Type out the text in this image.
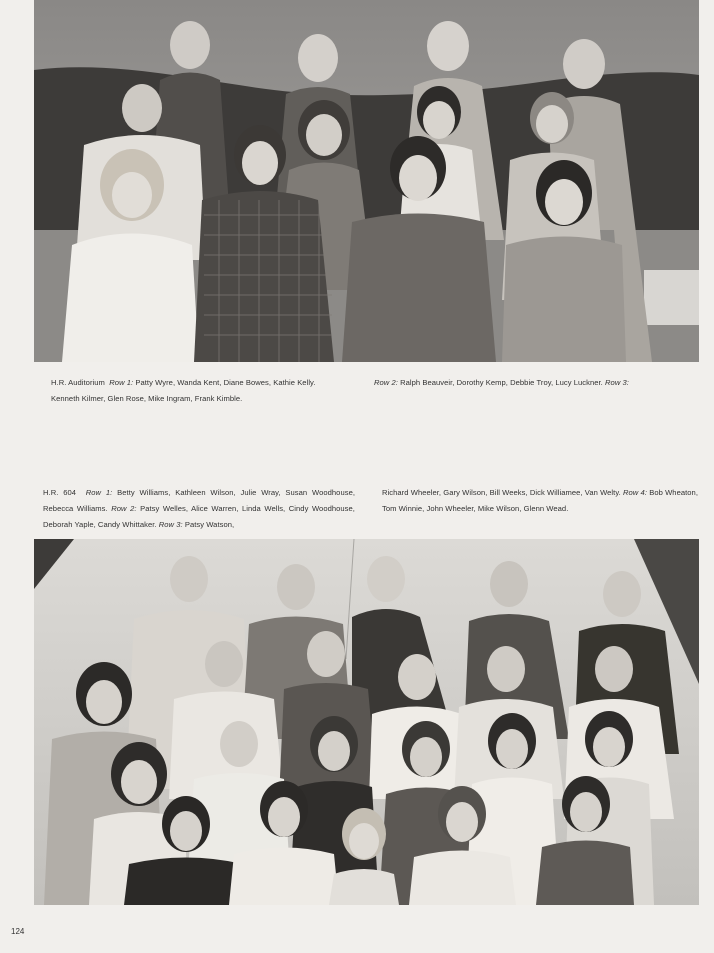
H.R. Auditorium Row 1: Patty Wyre, Wanda Kent, Diane Bowes, Kathie Kelly.	Row 2: Ralph Beauveir, Dorothy Kemp, Debbie Troy, Lucy Luckner. Row 3:

Kenneth Kilmer, Glen Rose, Mike Ingram, Frank Kimble.

H.R. 604 Row 1: Betty Williams, Kathleen Wilson, Julie Wray, Susan Woodhouse, Rebecca Williams. Row 2: Patsy Welles, Alice Warren, Linda Wells, Cindy Woodhouse, Deborah Yaple, Candy Whittaker. Row 3: Patsy Watson,

Richard Wheeler, Gary Wilson, Bill Weeks, Dick Williamee, Van Welty. Row 4: Bob Wheaton, Tom Winnie, John Wheeler, Mike Wilson, Glenn Wead.

124
